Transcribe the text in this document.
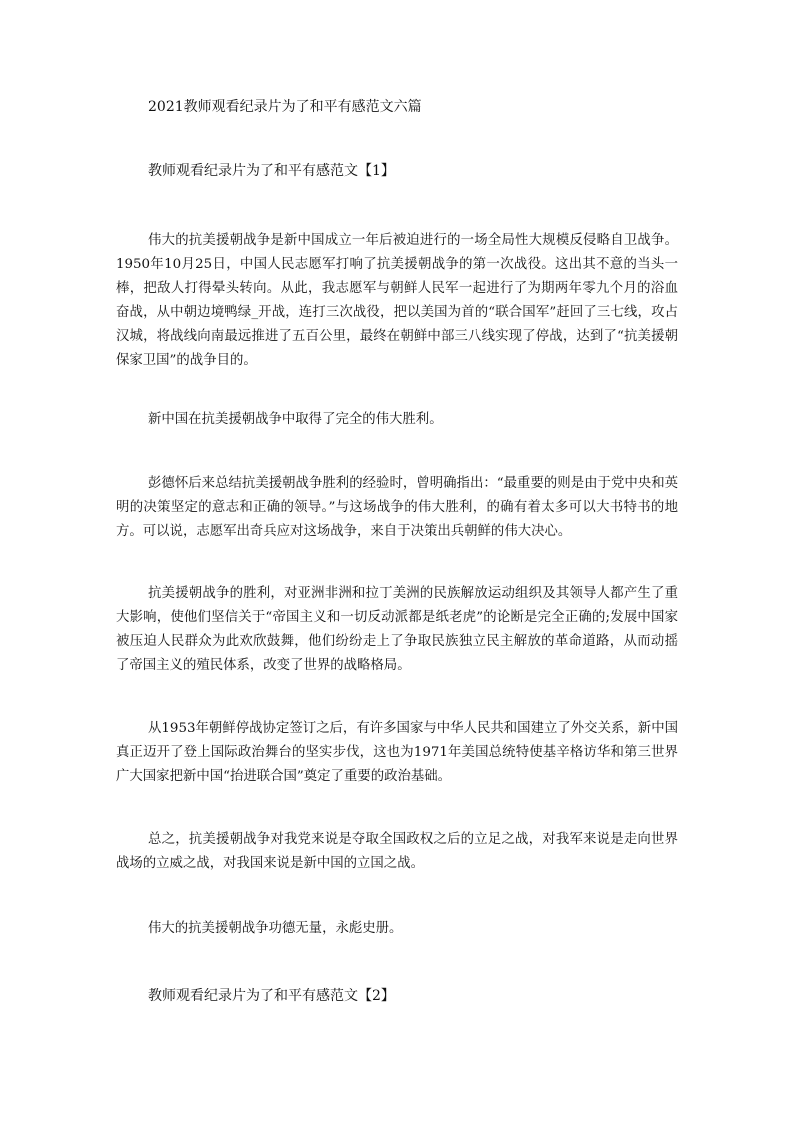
2021教师观看纪录片为了和平有感范文六篇
教师观看纪录片为了和平有感范文【1】

伟大的抗美援朝战争是新中国成立一年后被迫进行的一场全局性大规模反侵略自卫战争。1950年10月25日，中国人民志愿军打响了抗美援朝战争的第一次战役。这出其不意的当头一棒，把敌人打得晕头转向。从此，我志愿军与朝鲜人民军一起进行了为期两年零九个月的浴血奋战，从中朝边境鸭绿_开战，连打三次战役，把以美国为首的“联合国军”赶回了三七线，攻占汉城，将战线向南最远推进了五百公里，最终在朝鲜中部三八线实现了停战，达到了“抗美援朝保家卫国”的战争目的。

新中国在抗美援朝战争中取得了完全的伟大胜利。

彭德怀后来总结抗美援朝战争胜利的经验时，曾明确指出：“最重要的则是由于党中央和英明的决策坚定的意志和正确的领导。”与这场战争的伟大胜利，的确有着太多可以大书特书的地方。可以说，志愿军出奇兵应对这场战争，来自于决策出兵朝鲜的伟大决心。

抗美援朝战争的胜利，对亚洲非洲和拉丁美洲的民族解放运动组织及其领导人都产生了重大影响，使他们坚信关于“帝国主义和一切反动派都是纸老虎”的论断是完全正确的;发展中国家被压迫人民群众为此欢欣鼓舞，他们纷纷走上了争取民族独立民主解放的革命道路，从而动摇了帝国主义的殖民体系，改变了世界的战略格局。

从1953年朝鲜停战协定签订之后，有许多国家与中华人民共和国建立了外交关系，新中国真正迈开了登上国际政治舞台的坚实步伐，这也为1971年美国总统特使基辛格访华和第三世界广大国家把新中国“抬进联合国”奠定了重要的政治基础。

总之，抗美援朝战争对我党来说是夺取全国政权之后的立足之战，对我军来说是走向世界战场的立威之战，对我国来说是新中国的立国之战。

伟大的抗美援朝战争功德无量，永彪史册。

教师观看纪录片为了和平有感范文【2】
